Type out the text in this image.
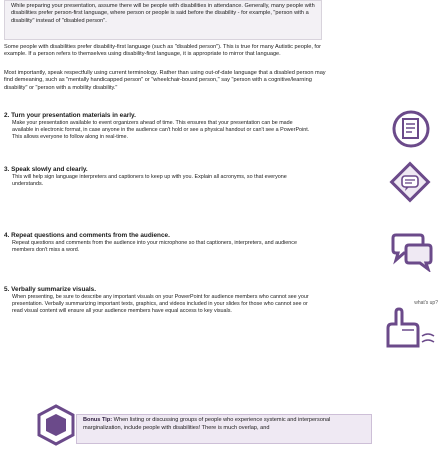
While preparing your presentation, assume there will be people with disabilities in attendance. Generally, many people with disabilities prefer person-first language, where person or people is said before the disability - for example, "person with a disability" instead of "disabled person".
Some people with disabilities prefer disability-first language (such as "disabled person"). This is true for many Autistic people, for example. If a person refers to themselves using disability-first language, it is appropriate to mirror that language.
Most importantly, speak respectfully using current terminology. Rather than using out-of-date language that a disabled person may find demeaning, such as "mentally handicapped person" or "wheelchair-bound person," say "person with a cognitive/learning disability" or "person with a mobility disability."
2. Turn your presentation materials in early.
Make your presentation available to event organizers ahead of time. This ensures that your presentation can be made available in electronic format, in case anyone in the audience can't hold or see a physical handout or can't see a PowerPoint. This allows everyone to follow along in real-time.
3. Speak slowly and clearly.
This will help sign language interpreters and captioners to keep up with you. Explain all acronyms, so that everyone understands.
4. Repeat questions and comments from the audience.
Repeat questions and comments from the audience into your microphone so that captioners, interpreters, and audience members don't miss a word.
5. Verbally summarize visuals.
When presenting, be sure to describe any important visuals on your PowerPoint for audience members who cannot see your presentation. Verbally summarizing important texts, graphics, and videos included in your slides for those who cannot see or read visual content will ensure all your audience members have equal access to key visuals.
what's up?
Bonus Tip: When listing or discussing groups of people who experience systemic and interpersonal marginalization, include people with disabilities! There is much overlap, and
